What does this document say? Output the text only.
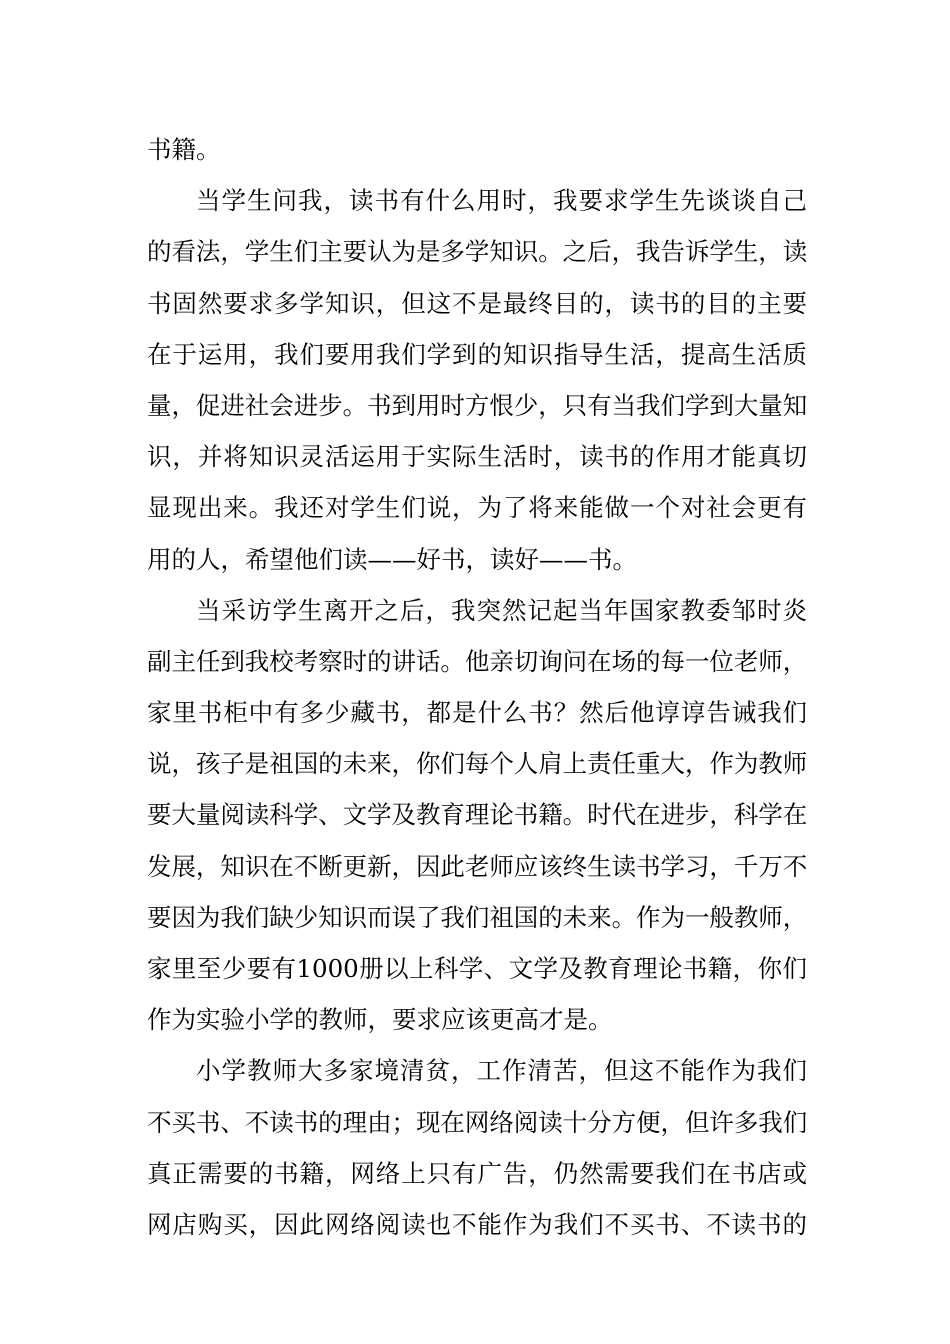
书籍。
当学生问我，读书有什么用时，我要求学生先谈谈自己
的看法，学生们主要认为是多学知识。之后，我告诉学生，读
书固然要求多学知识，但这不是最终目的，读书的目的主要
在于运用，我们要用我们学到的知识指导生活，提高生活质
量，促进社会进步。书到用时方恨少，只有当我们学到大量知
识，并将知识灵活运用于实际生活时，读书的作用才能真切
显现出来。我还对学生们说，为了将来能做一个对社会更有
用的人，希望他们读——好书，读好——书。
当采访学生离开之后，我突然记起当年国家教委邹时炎
副主任到我校考察时的讲话。他亲切询问在场的每一位老师，
家里书柜中有多少藏书，都是什么书？然后他谆谆告诫我们
说，孩子是祖国的未来，你们每个人肩上责任重大，作为教师
要大量阅读科学、文学及教育理论书籍。时代在进步，科学在
发展，知识在不断更新，因此老师应该终生读书学习，千万不
要因为我们缺少知识而误了我们祖国的未来。作为一般教师，
家里至少要有1000册以上科学、文学及教育理论书籍，你们
作为实验小学的教师，要求应该更高才是。
小学教师大多家境清贫，工作清苦，但这不能作为我们
不买书、不读书的理由；现在网络阅读十分方便，但许多我们
真正需要的书籍，网络上只有广告，仍然需要我们在书店或
网店购买，因此网络阅读也不能作为我们不买书、不读书的
